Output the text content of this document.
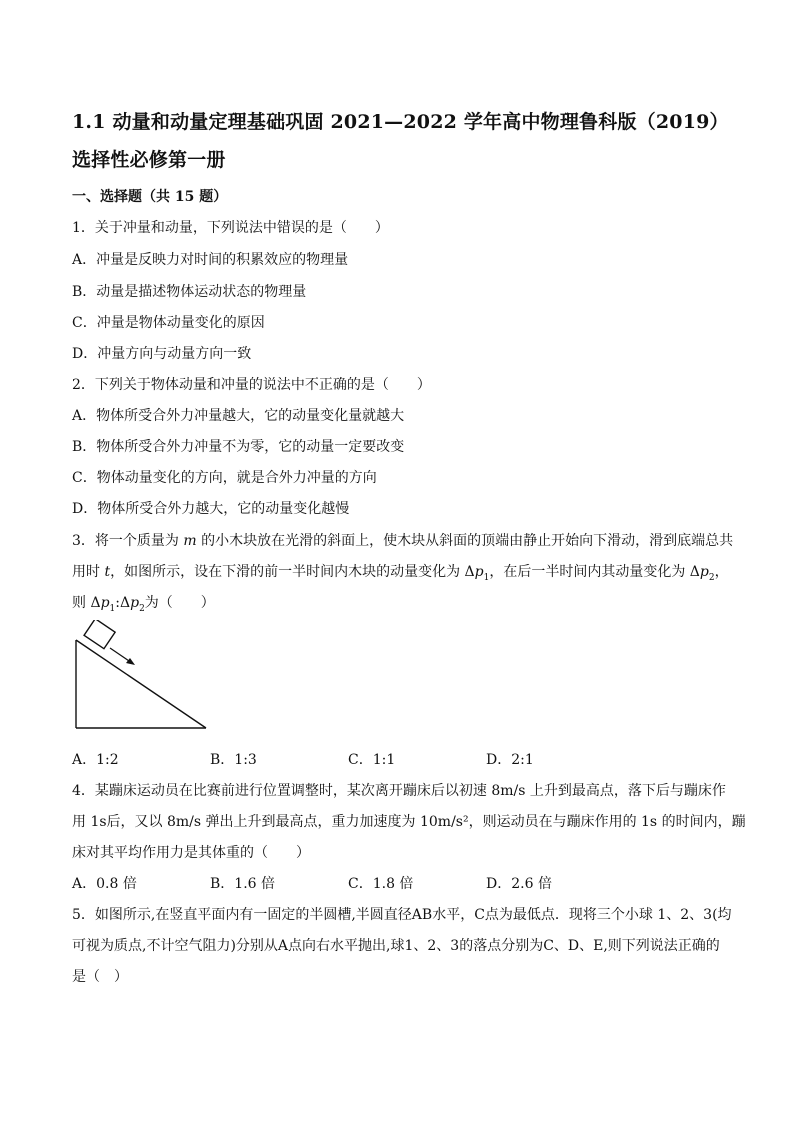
1.1 动量和动量定理基础巩固 2021—2022 学年高中物理鲁科版（2019）
选择性必修第一册
一、选择题（共 15 题）
1．关于冲量和动量，下列说法中错误的是（　　）
A．冲量是反映力对时间的积累效应的物理量
B．动量是描述物体运动状态的物理量
C．冲量是物体动量变化的原因
D．冲量方向与动量方向一致
2．下列关于物体动量和冲量的说法中不正确的是（　　）
A．物体所受合外力冲量越大，它的动量变化量就越大
B．物体所受合外力冲量不为零，它的动量一定要改变
C．物体动量变化的方向，就是合外力冲量的方向
D．物体所受合外力越大，它的动量变化越慢
3．将一个质量为 m 的小木块放在光滑的斜面上，使木块从斜面的顶端由静止开始向下滑动，滑到底端总共
用时 t，如图所示，设在下滑的前一半时间内木块的动量变化为 $\Delta p_1$，在后一半时间内其动量变化为 $\Delta p_2$，
则 $\Delta p_1:\Delta p_2$为（　　）
A．1:2	B．1:3	C．1:1	D．2:1
4．某蹦床运动员在比赛前进行位置调整时，某次离开蹦床后以初速 8m/s 上升到最高点，落下后与蹦床作
用 1s后，又以 8m/s 弹出上升到最高点，重力加速度为 10m/s²，则运动员在与蹦床作用的 1s 的时间内，蹦
床对其平均作用力是其体重的（　　）
A．0.8 倍	B．1.6 倍	C．1.8 倍	D．2.6 倍
5．如图所示,在竖直平面内有一固定的半圆槽,半圆直径AB水平，C点为最低点．现将三个小球 1、2、3(均
可视为质点,不计空气阻力)分别从A点向右水平抛出,球1、2、3的落点分别为C、D、E,则下列说法正确的
是（　）
